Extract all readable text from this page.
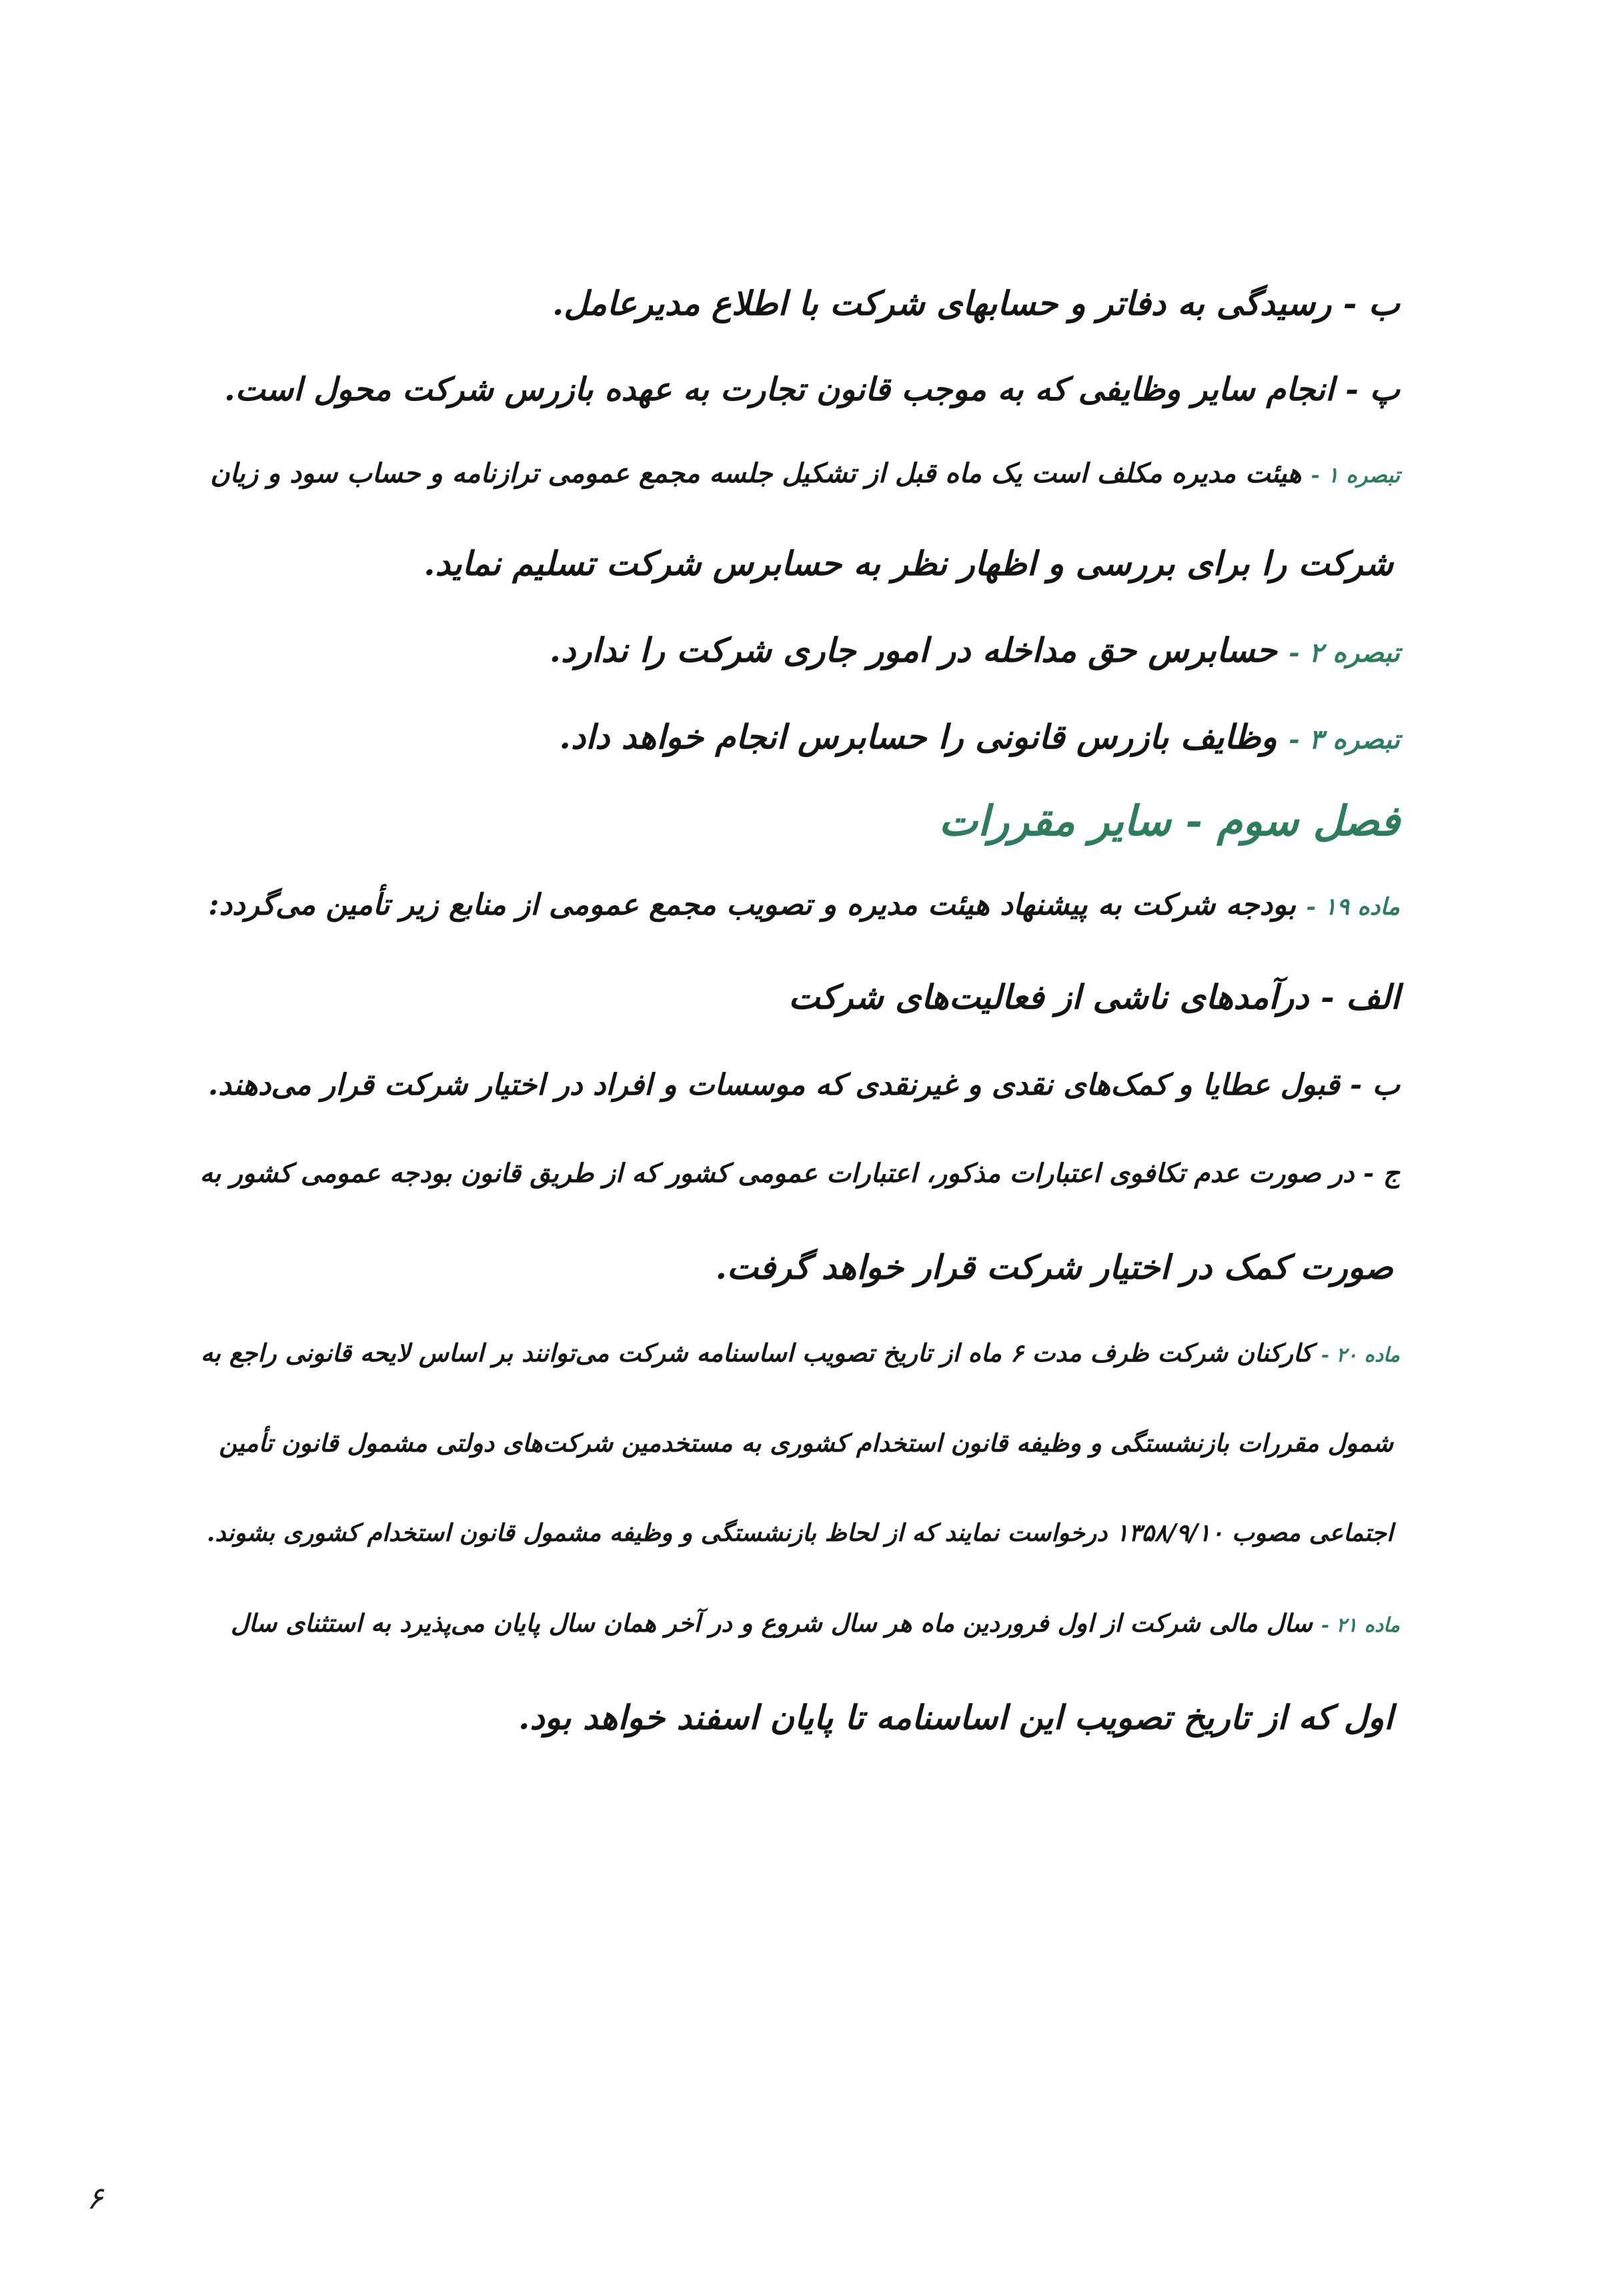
ب - رسیدگی به دفاتر و حسابهای شرکت با اطلاع مدیرعامل.
پ - انجام سایر وظایفی که به موجب قانون تجارت به عهده بازرس شرکت محول است.
تبصره ۱ - هیئت مدیره مکلف است یک ماه قبل از تشکیل جلسه مجمع عمومی ترازنامه و حساب سود و زیان
شرکت را برای بررسی و اظهار نظر به حسابرس شرکت تسلیم نماید.
تبصره ۲ - حسابرس حق مداخله در امور جاری شرکت را ندارد.
تبصره ۳ - وظایف بازرس قانونی را حسابرس انجام خواهد داد.
فصل سوم - سایر مقررات
ماده ۱۹ - بودجه شرکت به پیشنهاد هیئت مدیره و تصویب مجمع عمومی از منابع زیر تأمین می‌گردد:
الف - درآمدهای ناشی از فعالیت‌های شرکت
ب - قبول عطایا و کمک‌های نقدی و غیرنقدی که موسسات و افراد در اختیار شرکت قرار می‌دهند.
ج - در صورت عدم تکافوی اعتبارات مذکور، اعتبارات عمومی کشور که از طریق قانون بودجه عمومی کشور به
صورت کمک در اختیار شرکت قرار خواهد گرفت.
ماده ۲۰ - کارکنان شرکت ظرف مدت ۶ ماه از تاریخ تصویب اساسنامه شرکت می‌توانند بر اساس لایحه قانونی راجع به
شمول مقررات بازنشستگی و وظیفه قانون استخدام کشوری به مستخدمین شرکت‌های دولتی مشمول قانون تأمین
اجتماعی مصوب ۱۳۵۸/۹/۱۰ درخواست نمایند که از لحاظ بازنشستگی و وظیفه مشمول قانون استخدام کشوری بشوند.
ماده ۲۱ - سال مالی شرکت از اول فروردین ماه هر سال شروع و در آخر همان سال پایان می‌پذیرد به استثنای سال
اول که از تاریخ تصویب این اساسنامه تا پایان اسفند خواهد بود.
۶
